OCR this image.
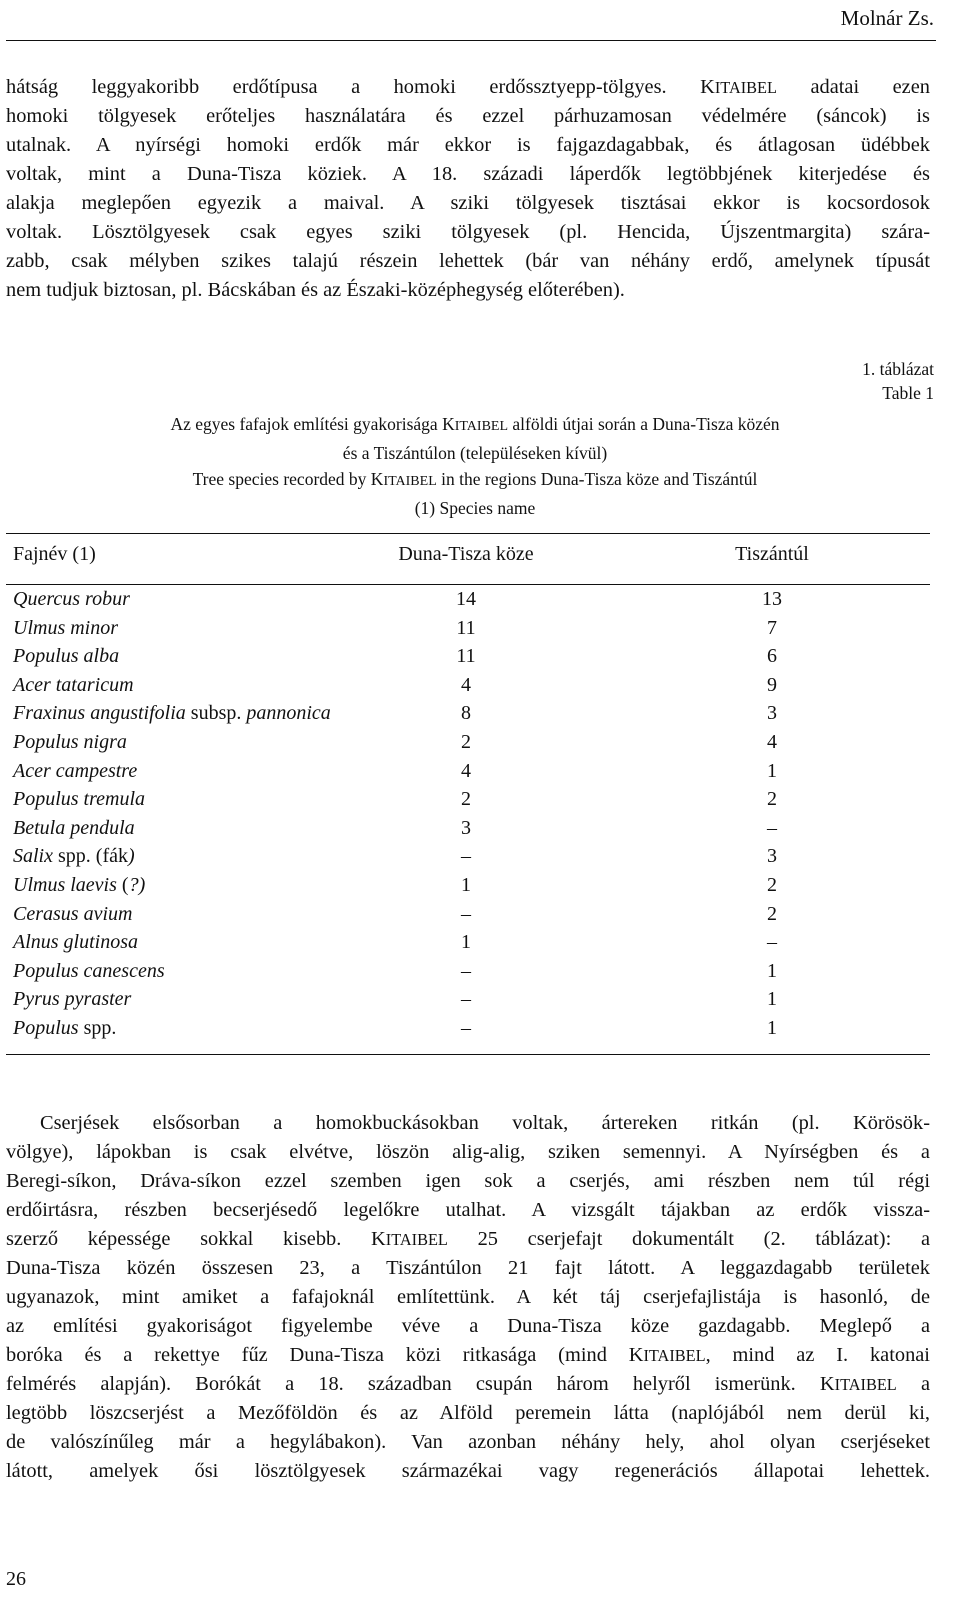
Molnár Zs.
hátság leggyakoribb erdőtípusa a homoki erdőssztyepp-tölgyes. KITAIBEL adatai ezen
homoki tölgyesek erőteljes használatára és ezzel párhuzamosan védelmére (sáncok) is
utalnak. A nyírségi homoki erdők már ekkor is fajgazdagabbak, és átlagosan üdébbek
voltak, mint a Duna-Tisza köziek. A 18. századi láperdők legtöbbjének kiterjedése és
alakja meglepően egyezik a maival. A sziki tölgyesek tisztásai ekkor is kocsordosok
voltak. Lösztölgyesek csak egyes sziki tölgyesek (pl. Hencida, Újszentmargita) szára-
zabb, csak mélyben szikes talajú részein lehettek (bár van néhány erdő, amelynek típusát
nem tudjuk biztosan, pl. Bácskában és az Északi-középhegység előterében).
1. táblázat
Table 1
Az egyes fafajok említési gyakorisága KITAIBEL alföldi útjai során a Duna-Tisza közén
és a Tiszántúlon (településeken kívül)
Tree species recorded by KITAIBEL in the regions Duna-Tisza köze and Tiszántúl
(1) Species name
Fajnév (1)	Duna-Tisza köze	Tiszántúl
Quercus robur	14	13
Ulmus minor	11	7
Populus alba	11	6
Acer tataricum	4	9
Fraxinus angustifolia subsp. pannonica	8	3
Populus nigra	2	4
Acer campestre	4	1
Populus tremula	2	2
Betula pendula	3	–
Salix spp. (fák)	–	3
Ulmus laevis (?)	1	2
Cerasus avium	–	2
Alnus glutinosa	1	–
Populus canescens	–	1
Pyrus pyraster	–	1
Populus spp.	–	1
Cserjések elsősorban a homokbuckásokban voltak, ártereken ritkán (pl. Körösök-
völgye), lápokban is csak elvétve, löszön alig-alig, sziken semennyi. A Nyírségben és a
Beregi-síkon, Dráva-síkon ezzel szemben igen sok a cserjés, ami részben nem túl régi
erdőirtásra, részben becserjésedő legelőkre utalhat. A vizsgált tájakban az erdők vissza-
szerző képessége sokkal kisebb. KITAIBEL 25 cserjefajt dokumentált (2. táblázat): a
Duna-Tisza közén összesen 23, a Tiszántúlon 21 fajt látott. A leggazdagabb területek
ugyanazok, mint amiket a fafajoknál említettünk. A két táj cserjefajlistája is hasonló, de
az említési gyakoriságot figyelembe véve a Duna-Tisza köze gazdagabb. Meglepő a
boróka és a rekettye fűz Duna-Tisza közi ritkasága (mind KITAIBEL, mind az I. katonai
felmérés alapján). Borókát a 18. században csupán három helyről ismerünk. KITAIBEL a
legtöbb löszcserjést a Mezőföldön és az Alföld peremein látta (naplójából nem derül ki,
de valószínűleg már a hegylábakon). Van azonban néhány hely, ahol olyan cserjéseket
látott, amelyek ősi lösztölgyesek származékai vagy regenerációs állapotai lehettek.
26
